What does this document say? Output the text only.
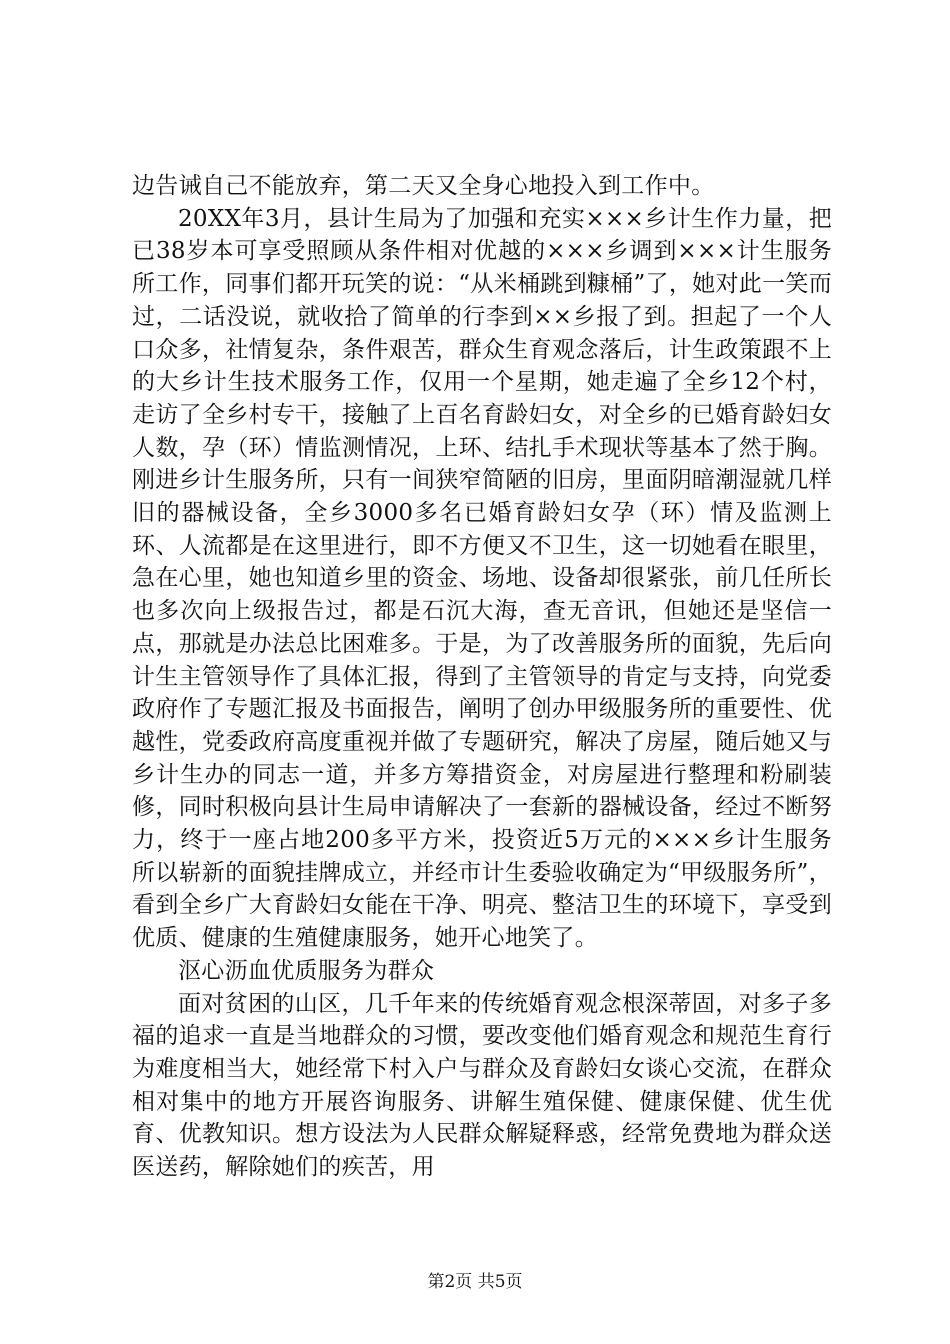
边告诫自己不能放弃，第二天又全身心地投入到工作中。

20XX年3月，县计生局为了加强和充实×××乡计生作力量，把已38岁本可享受照顾从条件相对优越的×××乡调到×××计生服务所工作，同事们都开玩笑的说：“从米桶跳到糠桶”了，她对此一笑而过，二话没说，就收拾了简单的行李到××乡报了到。担起了一个人口众多，社情复杂，条件艰苦，群众生育观念落后，计生政策跟不上的大乡计生技术服务工作，仅用一个星期，她走遍了全乡12个村，走访了全乡村专干，接触了上百名育龄妇女，对全乡的已婚育龄妇女人数，孕（环）情监测情况，上环、结扎手术现状等基本了然于胸。刚进乡计生服务所，只有一间狭窄简陋的旧房，里面阴暗潮湿就几样旧的器械设备，全乡3000多名已婚育龄妇女孕（环）情及监测上环、人流都是在这里进行，即不方便又不卫生，这一切她看在眼里，急在心里，她也知道乡里的资金、场地、设备却很紧张，前几任所长也多次向上级报告过，都是石沉大海，查无音讯，但她还是坚信一点，那就是办法总比困难多。于是，为了改善服务所的面貌，先后向计生主管领导作了具体汇报，得到了主管领导的肯定与支持，向党委政府作了专题汇报及书面报告，阐明了创办甲级服务所的重要性、优越性，党委政府高度重视并做了专题研究，解决了房屋，随后她又与乡计生办的同志一道，并多方筹措资金，对房屋进行整理和粉刷装修，同时积极向县计生局申请解决了一套新的器械设备，经过不断努力，终于一座占地200多平方米，投资近5万元的×××乡计生服务所以崭新的面貌挂牌成立，并经市计生委验收确定为“甲级服务所”，看到全乡广大育龄妇女能在干净、明亮、整洁卫生的环境下，享受到优质、健康的生殖健康服务，她开心地笑了。

沤心沥血优质服务为群众

面对贫困的山区，几千年来的传统婚育观念根深蒂固，对多子多福的追求一直是当地群众的习惯，要改变他们婚育观念和规范生育行为难度相当大，她经常下村入户与群众及育龄妇女谈心交流，在群众相对集中的地方开展咨询服务、讲解生殖保健、健康保健、优生优育、优教知识。想方设法为人民群众解疑释惑，经常免费地为群众送医送药，解除她们的疾苦，用

第2页 共5页
